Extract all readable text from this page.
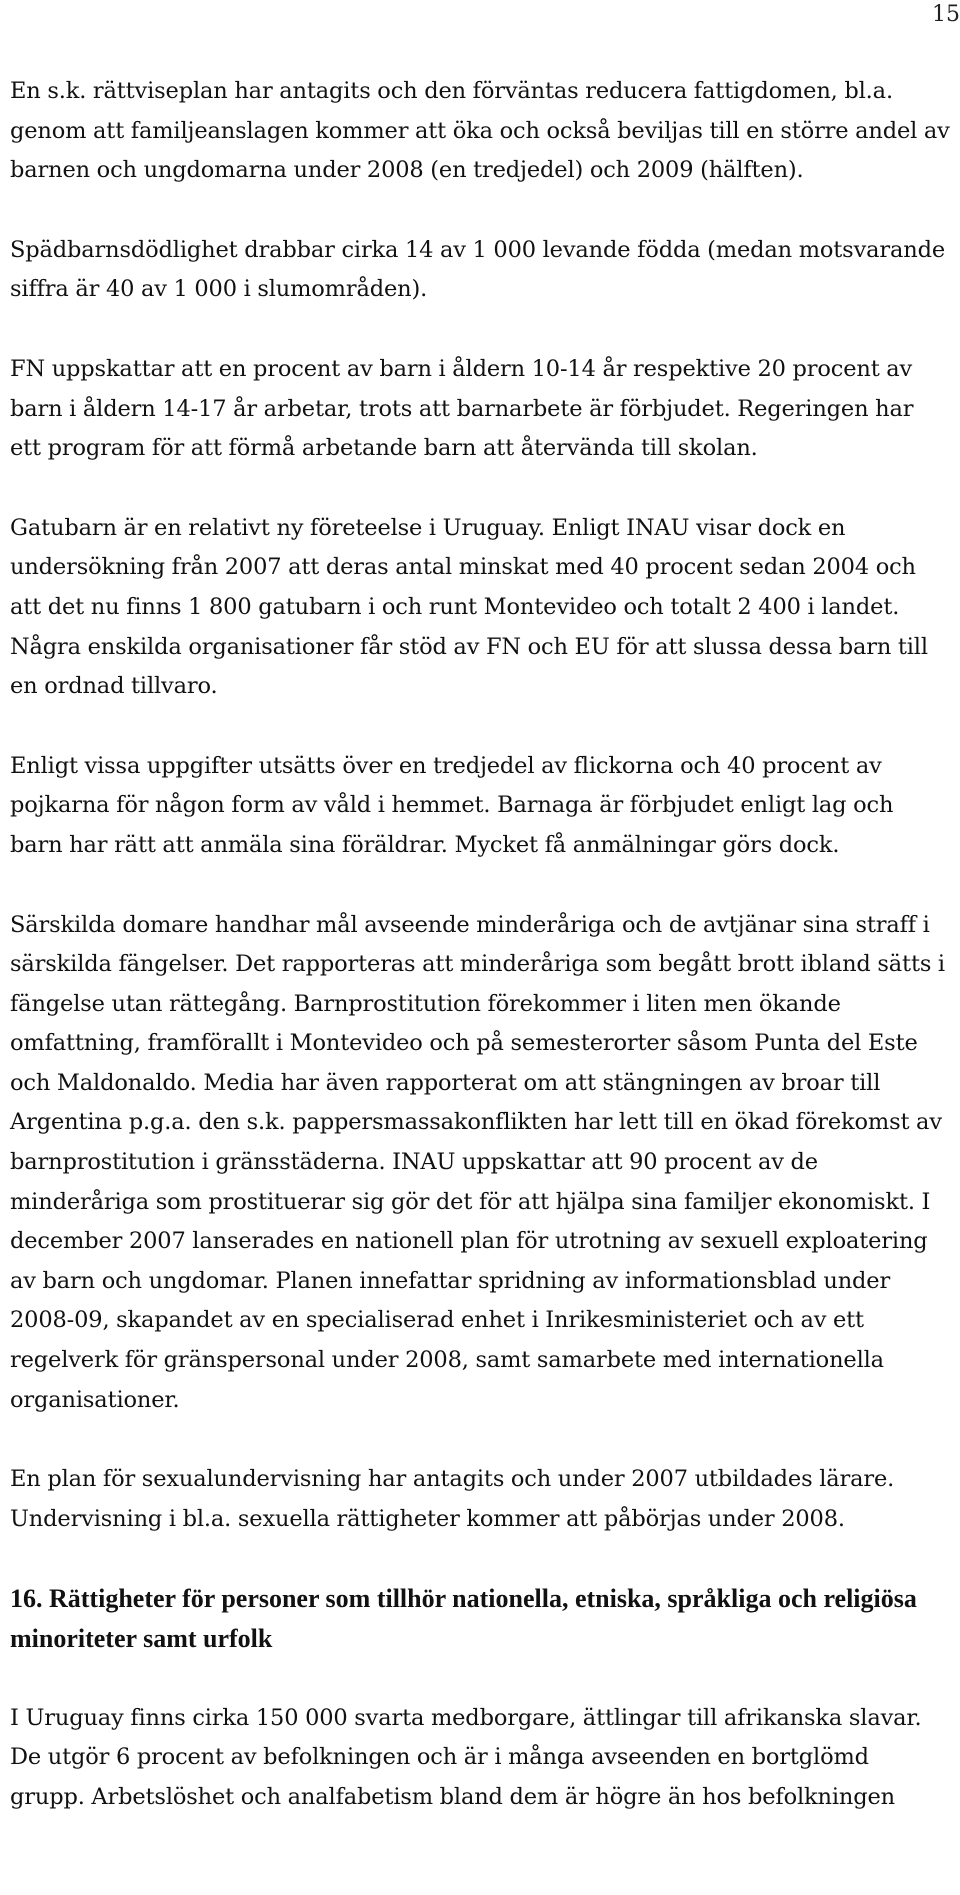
15

En s.k. rättviseplan har antagits och den förväntas reducera fattigdomen, bl.a. genom att familjeanslagen kommer att öka och också beviljas till en större andel av barnen och ungdomarna under 2008 (en tredjedel) och 2009 (hälften).

Spädbarnsdödlighet drabbar cirka 14 av 1 000 levande födda (medan motsvarande siffra är 40 av 1 000 i slumområden).

FN uppskattar att en procent av barn i åldern 10-14 år respektive 20 procent av barn i åldern 14-17 år arbetar, trots att barnarbete är förbjudet. Regeringen har ett program för att förmå arbetande barn att återvända till skolan.

Gatubarn är en relativt ny företeelse i Uruguay. Enligt INAU visar dock en undersökning från 2007 att deras antal minskat med 40 procent sedan 2004 och att det nu finns 1 800 gatubarn i och runt Montevideo och totalt 2 400 i landet. Några enskilda organisationer får stöd av FN och EU för att slussa dessa barn till en ordnad tillvaro.

Enligt vissa uppgifter utsätts över en tredjedel av flickorna och 40 procent av pojkarna för någon form av våld i hemmet. Barnaga är förbjudet enligt lag och barn har rätt att anmäla sina föräldrar. Mycket få anmälningar görs dock.

Särskilda domare handhar mål avseende minderåriga och de avtjänar sina straff i särskilda fängelser. Det rapporteras att minderåriga som begått brott ibland sätts i fängelse utan rättegång. Barnprostitution förekommer i liten men ökande omfattning, framförallt i Montevideo och på semesterorter såsom Punta del Este och Maldonaldo. Media har även rapporterat om att stängningen av broar till Argentina p.g.a. den s.k. pappersmassakonflikten har lett till en ökad förekomst av barnprostitution i gränsstäderna. INAU uppskattar att 90 procent av de minderåriga som prostituerar sig gör det för att hjälpa sina familjer ekonomiskt. I december 2007 lanserades en nationell plan för utrotning av sexuell exploatering av barn och ungdomar. Planen innefattar spridning av informationsblad under 2008-09, skapandet av en specialiserad enhet i Inrikesministeriet och av ett regelverk för gränspersonal under 2008, samt samarbete med internationella organisationer.

En plan för sexualundervisning har antagits och under 2007 utbildades lärare. Undervisning i bl.a. sexuella rättigheter kommer att påbörjas under 2008.

16. Rättigheter för personer som tillhör nationella, etniska, språkliga och religiösa minoriteter samt urfolk

I Uruguay finns cirka 150 000 svarta medborgare, ättlingar till afrikanska slavar. De utgör 6 procent av befolkningen och är i många avseenden en bortglömd grupp. Arbetslöshet och analfabetism bland dem är högre än hos befolkningen
